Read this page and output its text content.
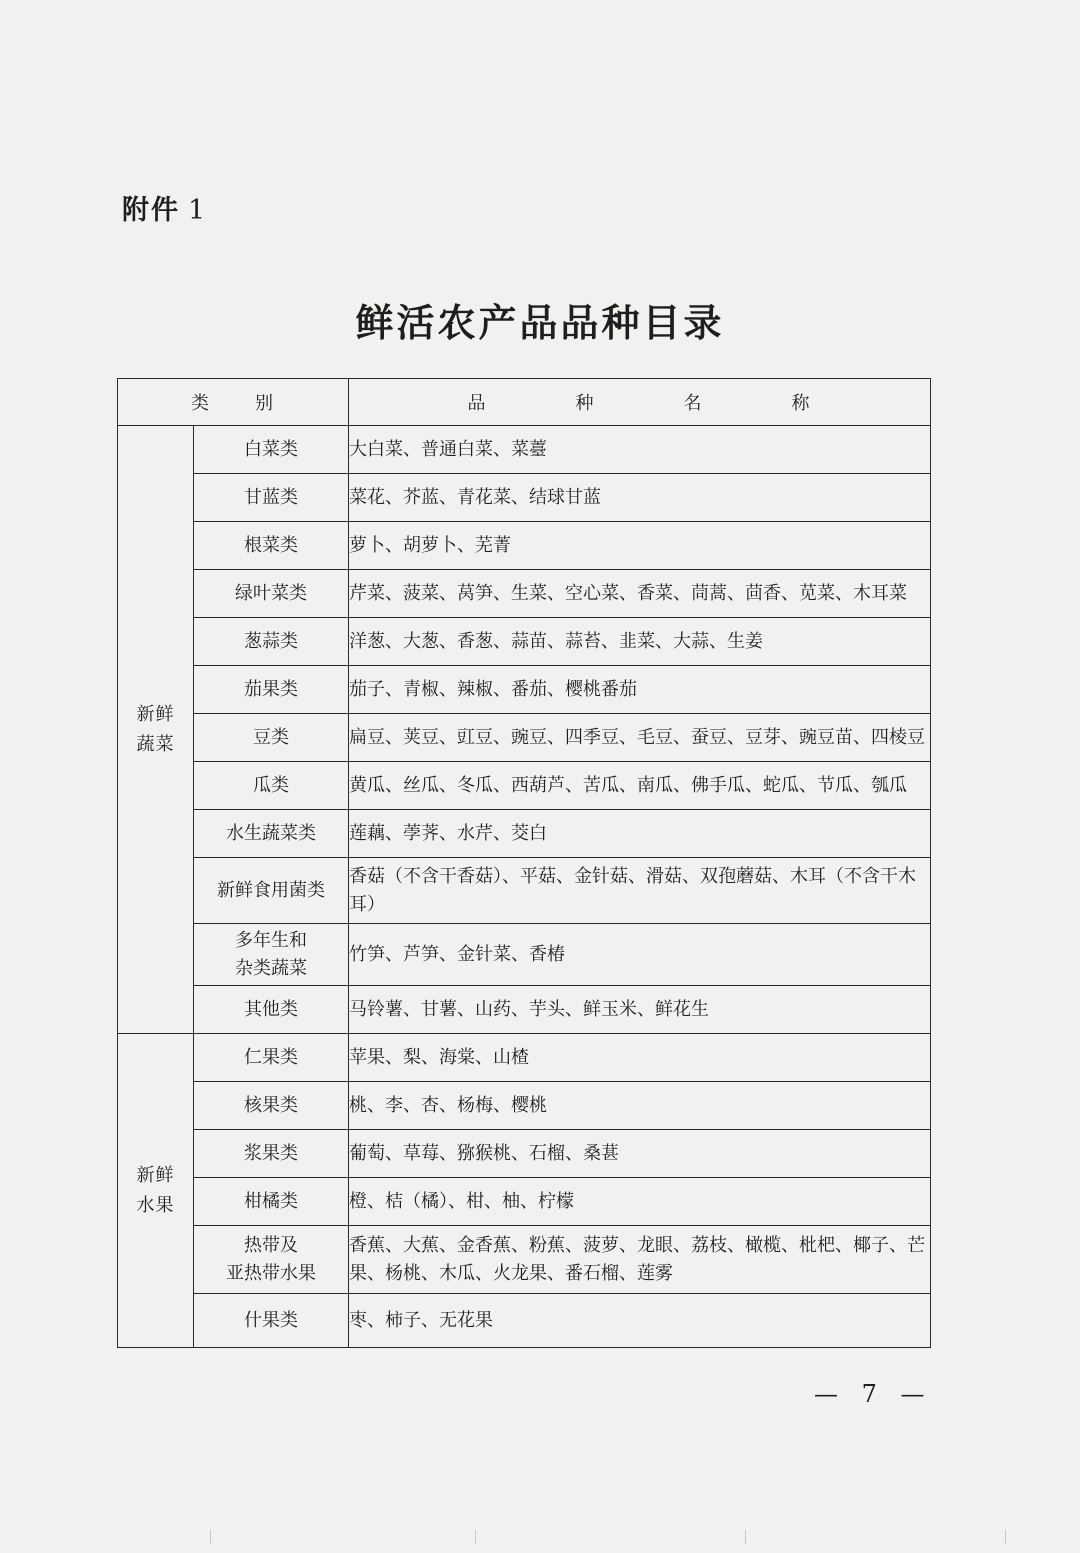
附件 1
鲜活农产品品种目录
类 别		品 种 名 称

新鲜
蔬菜	白菜类	大白菜、普通白菜、菜薹

	甘蓝类	菜花、芥蓝、青花菜、结球甘蓝

	根菜类	萝卜、胡萝卜、芜菁

	绿叶菜类	芹菜、菠菜、莴笋、生菜、空心菜、香菜、茼蒿、茴香、苋菜、木耳菜

	葱蒜类	洋葱、大葱、香葱、蒜苗、蒜苔、韭菜、大蒜、生姜

	茄果类	茄子、青椒、辣椒、番茄、樱桃番茄

	豆类	扁豆、荚豆、豇豆、豌豆、四季豆、毛豆、蚕豆、豆芽、豌豆苗、四棱豆

	瓜类	黄瓜、丝瓜、冬瓜、西葫芦、苦瓜、南瓜、佛手瓜、蛇瓜、节瓜、瓠瓜

	水生蔬菜类	莲藕、荸荠、水芹、茭白

	新鲜食用菌类	香菇（不含干香菇）、平菇、金针菇、滑菇、双孢蘑菇、木耳（不含干木耳）

	多年生和
杂类蔬菜	竹笋、芦笋、金针菜、香椿

	其他类	马铃薯、甘薯、山药、芋头、鲜玉米、鲜花生

新鲜
水果	仁果类	苹果、梨、海棠、山楂

	核果类	桃、李、杏、杨梅、樱桃

	浆果类	葡萄、草莓、猕猴桃、石榴、桑葚

	柑橘类	橙、桔（橘）、柑、柚、柠檬

	热带及
亚热带水果	香蕉、大蕉、金香蕉、粉蕉、菠萝、龙眼、荔枝、橄榄、枇杷、椰子、芒果、杨桃、木瓜、火龙果、番石榴、莲雾

	什果类	枣、柿子、无花果
— 7 —
